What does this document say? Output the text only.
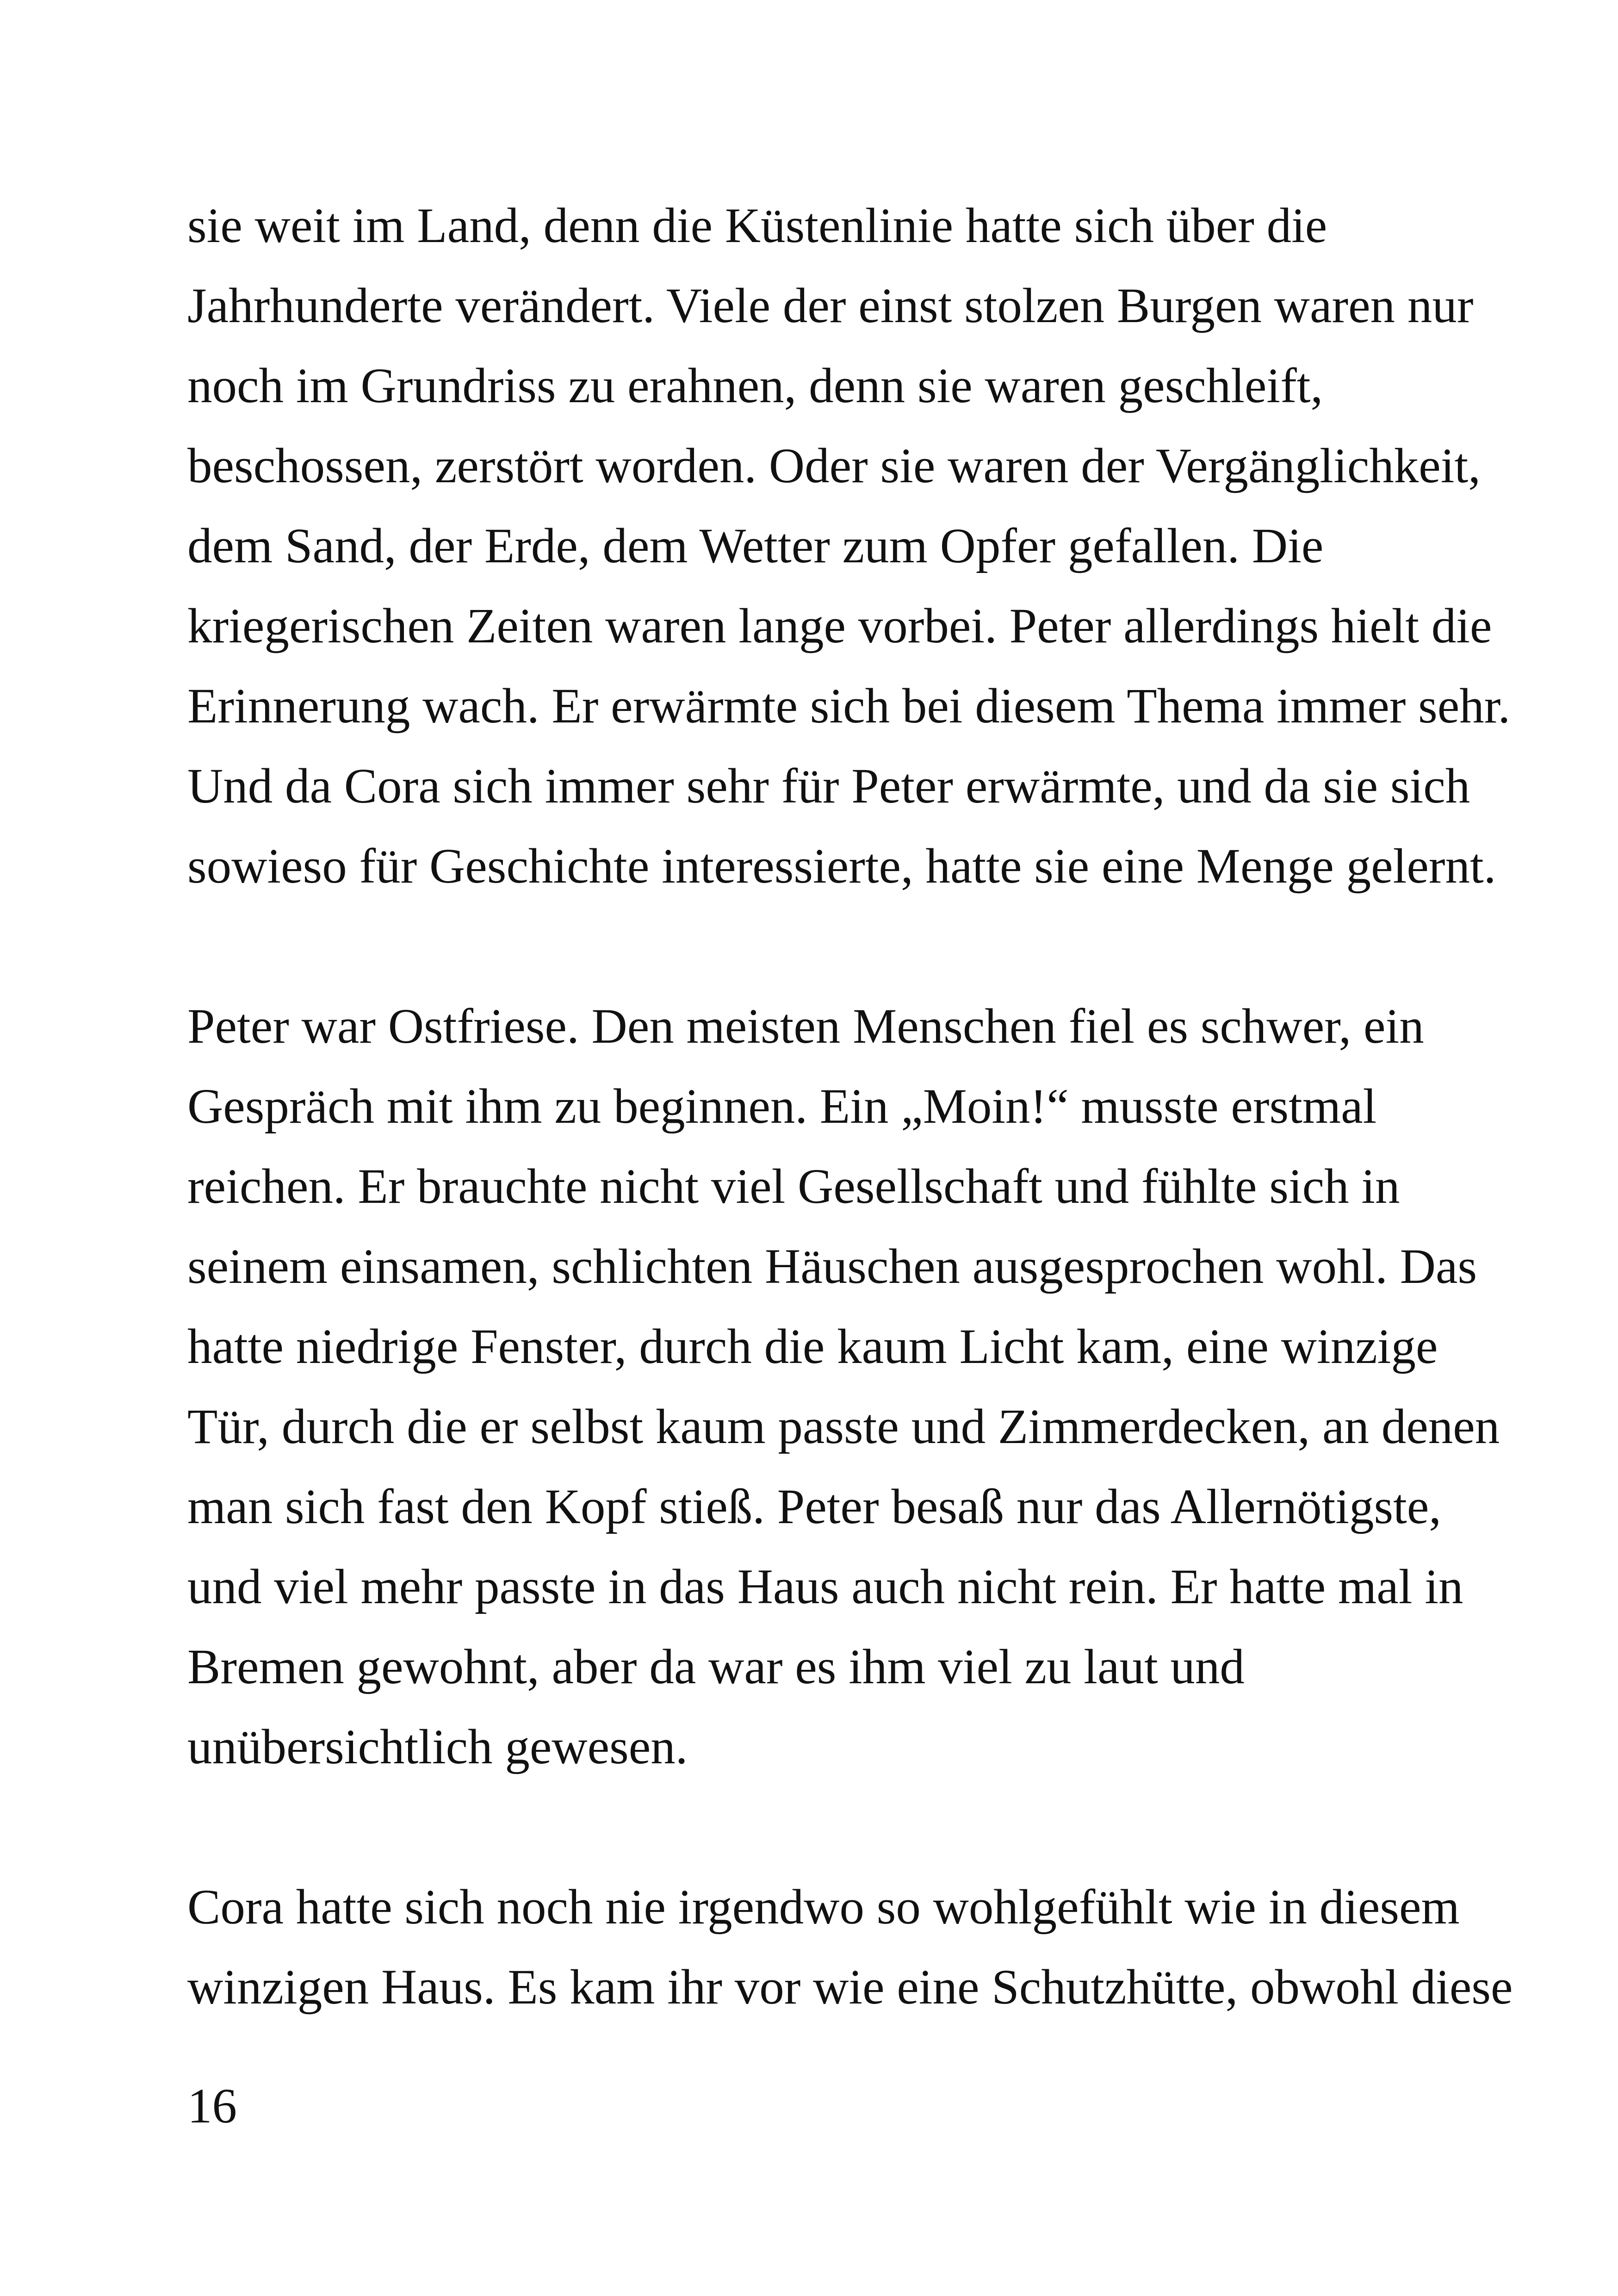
sie weit im Land, denn die Küstenlinie hatte sich über die
Jahrhunderte verändert. Viele der einst stolzen Burgen waren nur
noch im Grundriss zu erahnen, denn sie waren geschleift,
beschossen, zerstört worden. Oder sie waren der Vergänglichkeit,
dem Sand, der Erde, dem Wetter zum Opfer gefallen. Die
kriegerischen Zeiten waren lange vorbei. Peter allerdings hielt die
Erinnerung wach. Er erwärmte sich bei diesem Thema immer sehr.
Und da Cora sich immer sehr für Peter erwärmte, und da sie sich
sowieso für Geschichte interessierte, hatte sie eine Menge gelernt.
Peter war Ostfriese. Den meisten Menschen fiel es schwer, ein
Gespräch mit ihm zu beginnen. Ein „Moin!“ musste erstmal
reichen. Er brauchte nicht viel Gesellschaft und fühlte sich in
seinem einsamen, schlichten Häuschen ausgesprochen wohl. Das
hatte niedrige Fenster, durch die kaum Licht kam, eine winzige
Tür, durch die er selbst kaum passte und Zimmerdecken, an denen
man sich fast den Kopf stieß. Peter besaß nur das Allernötigste,
und viel mehr passte in das Haus auch nicht rein. Er hatte mal in
Bremen gewohnt, aber da war es ihm viel zu laut und
unübersichtlich gewesen.
Cora hatte sich noch nie irgendwo so wohlgefühlt wie in diesem
winzigen Haus. Es kam ihr vor wie eine Schutzhütte, obwohl diese
16
